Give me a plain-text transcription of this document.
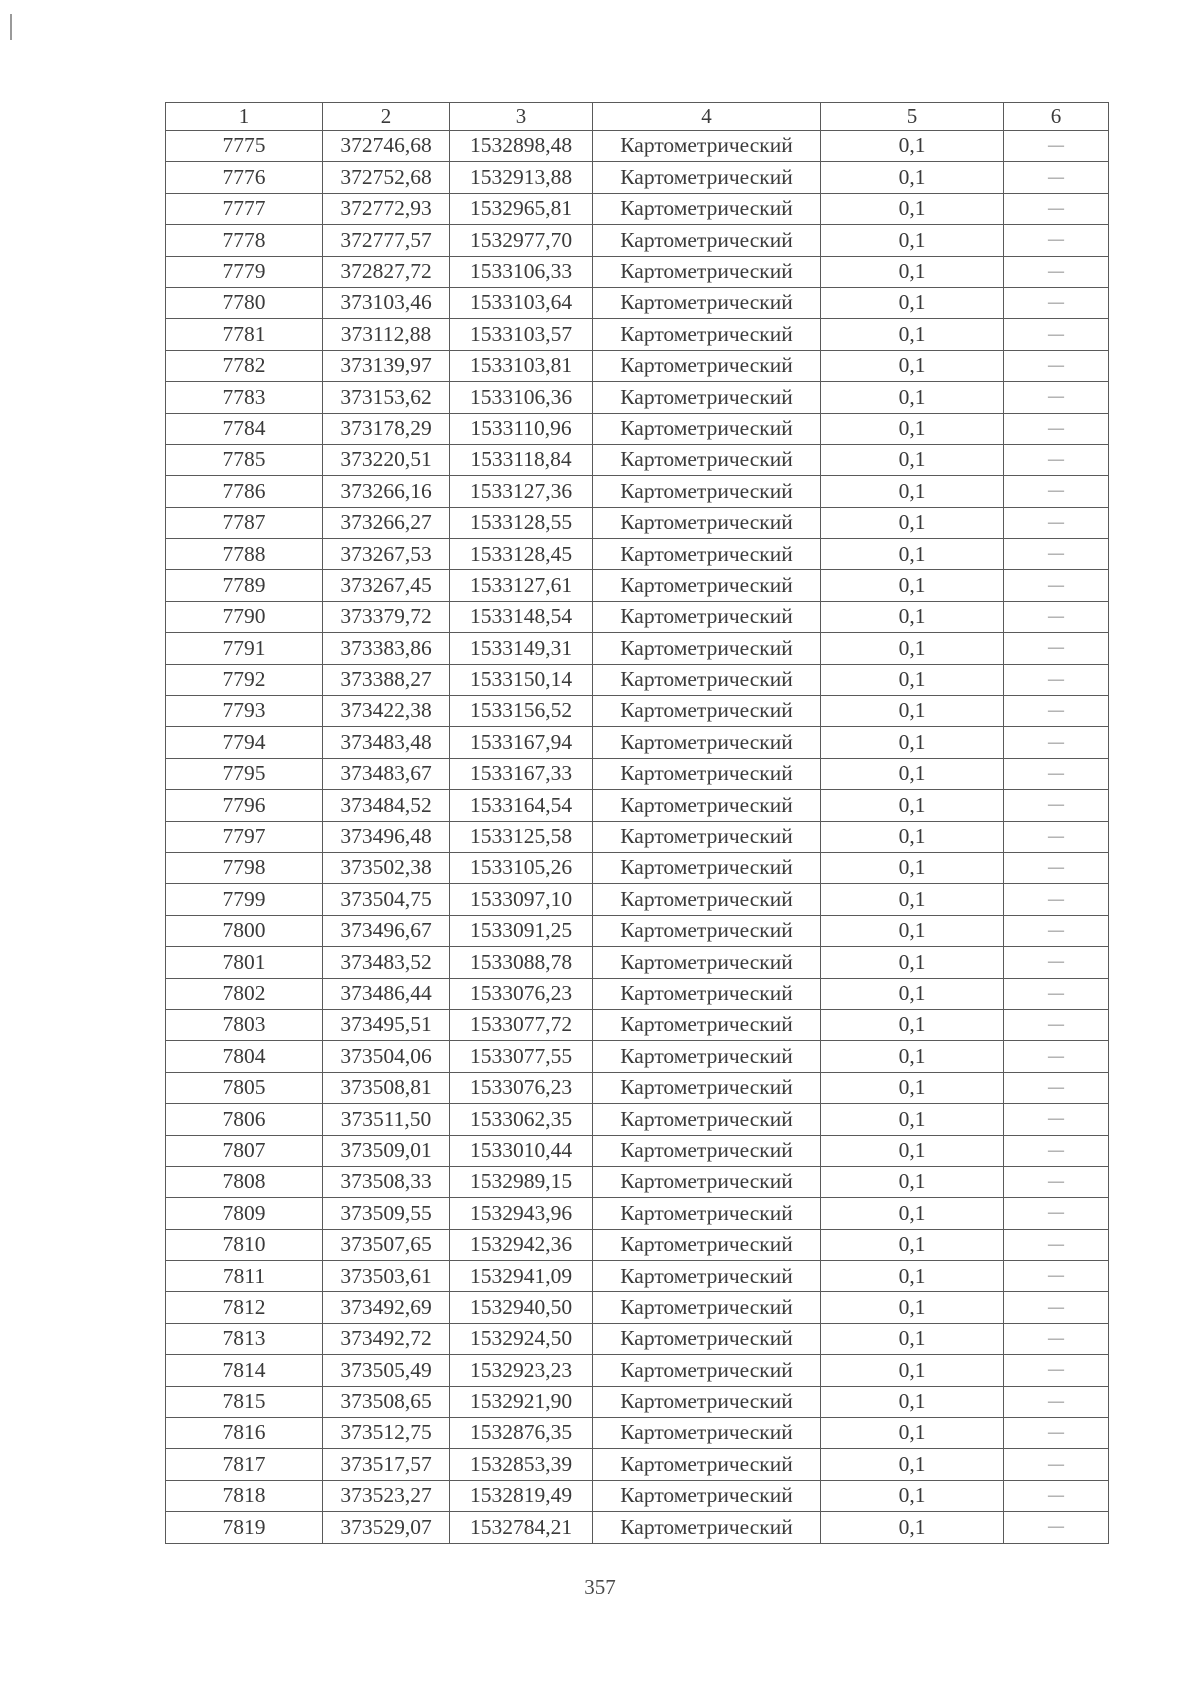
1	2	3	4	5	6
7775	372746,68	1532898,48	Картометрический	0,1	—
7776	372752,68	1532913,88	Картометрический	0,1	—
7777	372772,93	1532965,81	Картометрический	0,1	—
7778	372777,57	1532977,70	Картометрический	0,1	—
7779	372827,72	1533106,33	Картометрический	0,1	—
7780	373103,46	1533103,64	Картометрический	0,1	—
7781	373112,88	1533103,57	Картометрический	0,1	—
7782	373139,97	1533103,81	Картометрический	0,1	—
7783	373153,62	1533106,36	Картометрический	0,1	—
7784	373178,29	1533110,96	Картометрический	0,1	—
7785	373220,51	1533118,84	Картометрический	0,1	—
7786	373266,16	1533127,36	Картометрический	0,1	—
7787	373266,27	1533128,55	Картометрический	0,1	—
7788	373267,53	1533128,45	Картометрический	0,1	—
7789	373267,45	1533127,61	Картометрический	0,1	—
7790	373379,72	1533148,54	Картометрический	0,1	—
7791	373383,86	1533149,31	Картометрический	0,1	—
7792	373388,27	1533150,14	Картометрический	0,1	—
7793	373422,38	1533156,52	Картометрический	0,1	—
7794	373483,48	1533167,94	Картометрический	0,1	—
7795	373483,67	1533167,33	Картометрический	0,1	—
7796	373484,52	1533164,54	Картометрический	0,1	—
7797	373496,48	1533125,58	Картометрический	0,1	—
7798	373502,38	1533105,26	Картометрический	0,1	—
7799	373504,75	1533097,10	Картометрический	0,1	—
7800	373496,67	1533091,25	Картометрический	0,1	—
7801	373483,52	1533088,78	Картометрический	0,1	—
7802	373486,44	1533076,23	Картометрический	0,1	—
7803	373495,51	1533077,72	Картометрический	0,1	—
7804	373504,06	1533077,55	Картометрический	0,1	—
7805	373508,81	1533076,23	Картометрический	0,1	—
7806	373511,50	1533062,35	Картометрический	0,1	—
7807	373509,01	1533010,44	Картометрический	0,1	—
7808	373508,33	1532989,15	Картометрический	0,1	—
7809	373509,55	1532943,96	Картометрический	0,1	—
7810	373507,65	1532942,36	Картометрический	0,1	—
7811	373503,61	1532941,09	Картометрический	0,1	—
7812	373492,69	1532940,50	Картометрический	0,1	—
7813	373492,72	1532924,50	Картометрический	0,1	—
7814	373505,49	1532923,23	Картометрический	0,1	—
7815	373508,65	1532921,90	Картометрический	0,1	—
7816	373512,75	1532876,35	Картометрический	0,1	—
7817	373517,57	1532853,39	Картометрический	0,1	—
7818	373523,27	1532819,49	Картометрический	0,1	—
7819	373529,07	1532784,21	Картометрический	0,1	—
357
